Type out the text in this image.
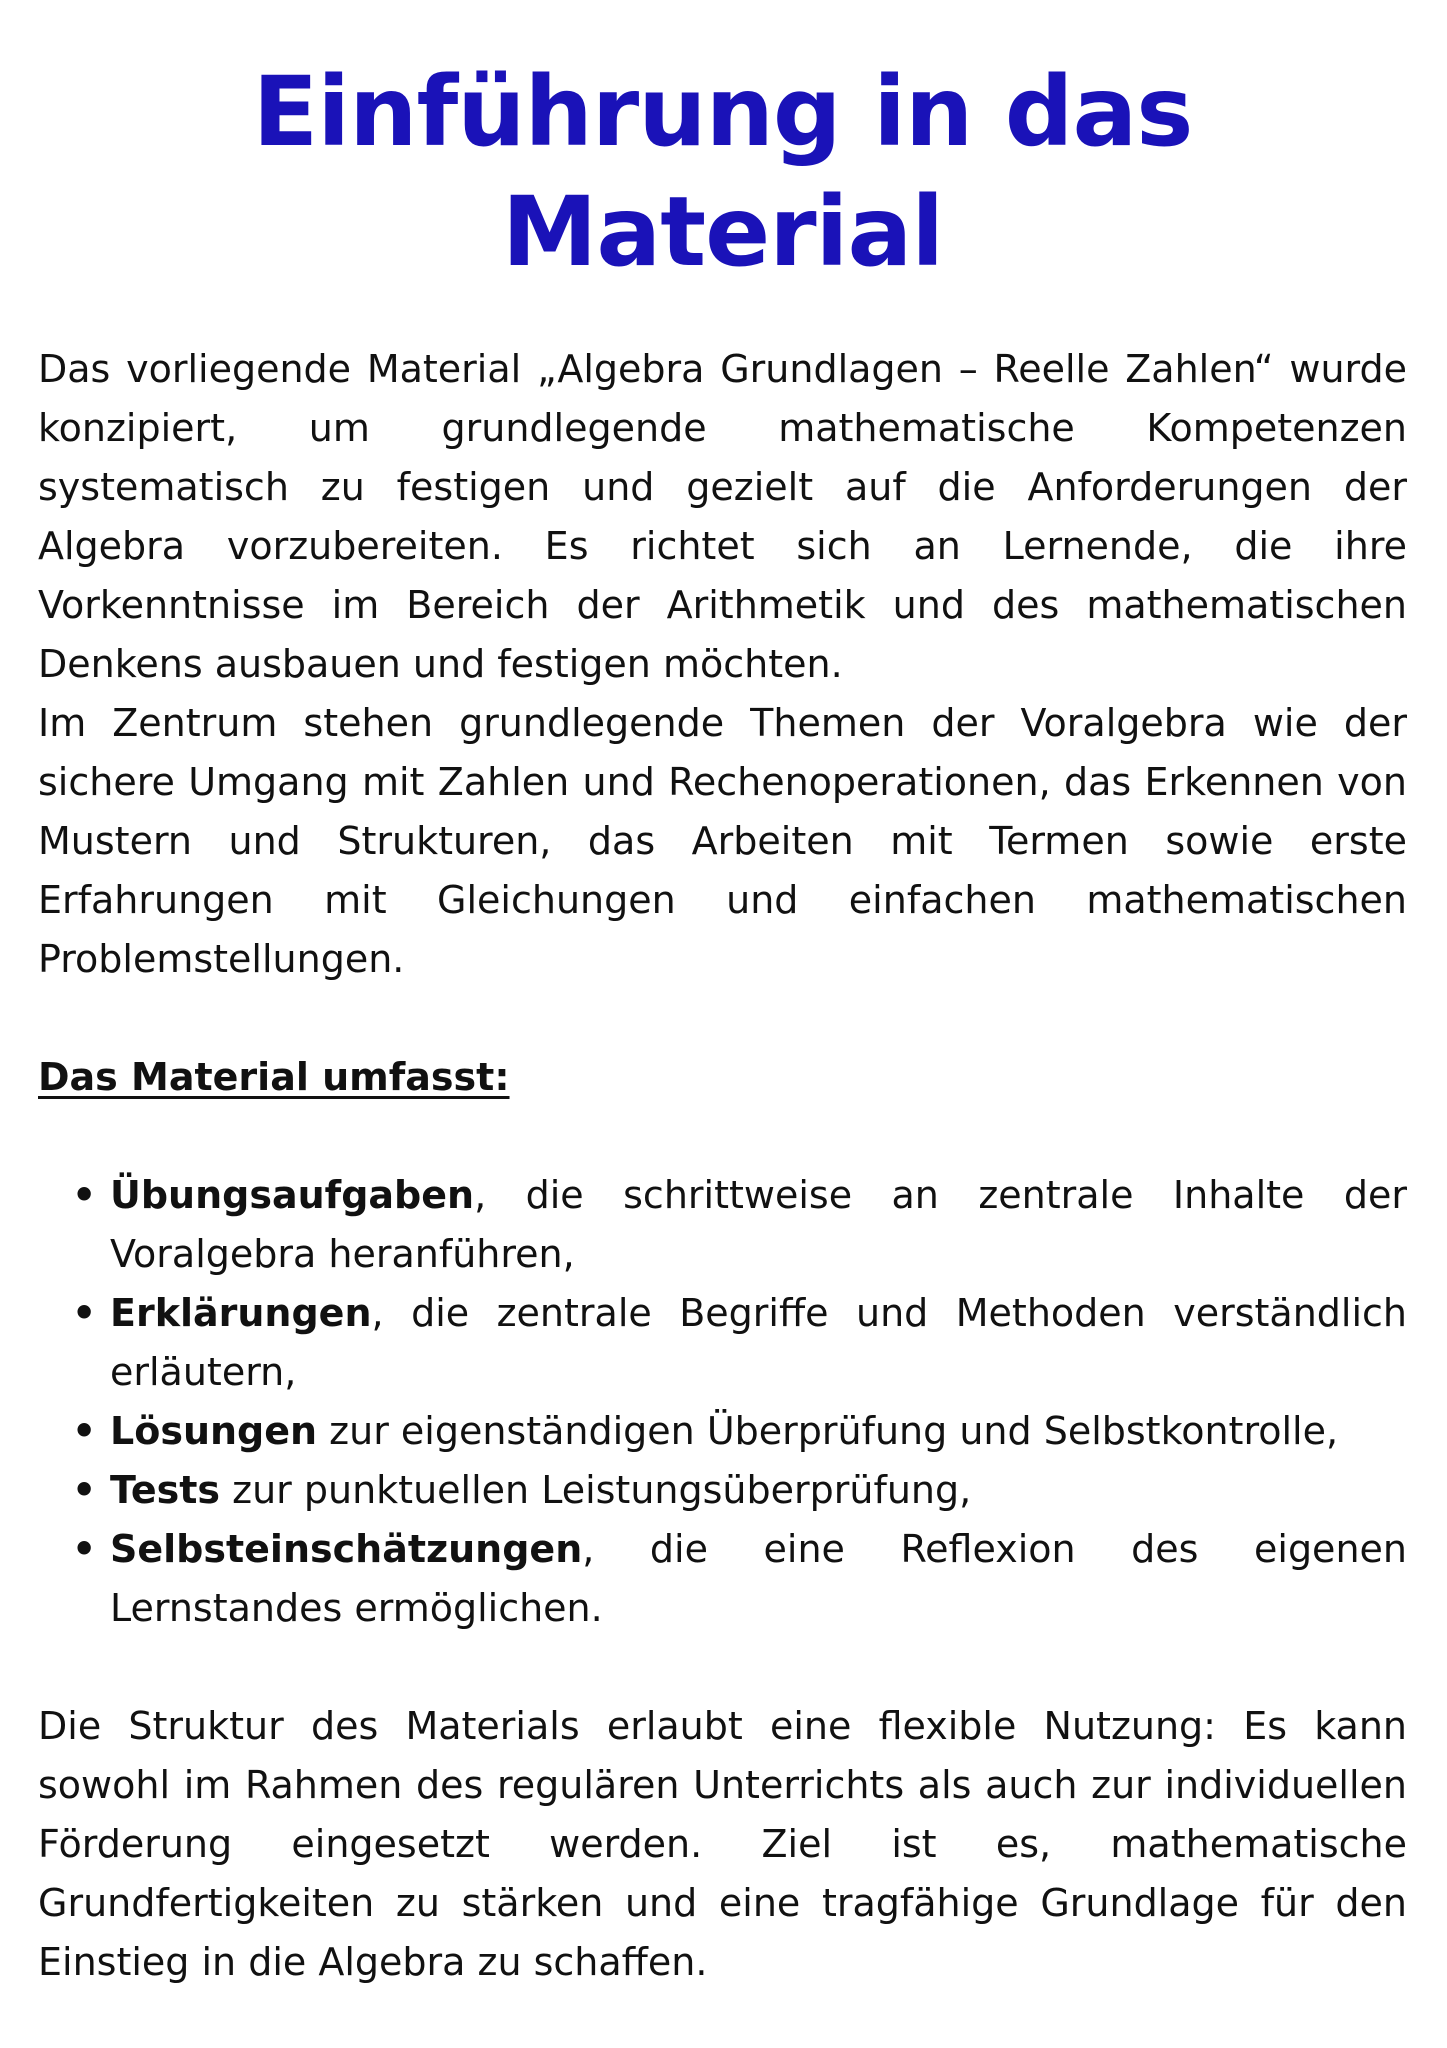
Einführung in das Material

Das vorliegende Material „Algebra Grundlagen – Reelle Zahlen“ wurde konzipiert, um grundlegende mathematische Kompetenzen systematisch zu festigen und gezielt auf die Anforderungen der Algebra vorzubereiten. Es richtet sich an Lernende, die ihre Vorkenntnisse im Bereich der Arithmetik und des mathematischen Denkens ausbauen und festigen möchten.

Im Zentrum stehen grundlegende Themen der Voralgebra wie der sichere Umgang mit Zahlen und Rechenoperationen, das Erkennen von Mustern und Strukturen, das Arbeiten mit Termen sowie erste Erfahrungen mit Gleichungen und einfachen mathematischen Problemstellungen.

Das Material umfasst:
• Übungsaufgaben, die schrittweise an zentrale Inhalte der Voralgebra heranführen,
• Erklärungen, die zentrale Begriffe und Methoden verständlich erläutern,
• Lösungen zur eigenständigen Überprüfung und Selbstkontrolle,
• Tests zur punktuellen Leistungsüberprüfung,
• Selbsteinschätzungen, die eine Reflexion des eigenen Lernstandes ermöglichen.

Die Struktur des Materials erlaubt eine flexible Nutzung: Es kann sowohl im Rahmen des regulären Unterrichts als auch zur individuellen Förderung eingesetzt werden. Ziel ist es, mathematische Grundfertigkeiten zu stärken und eine tragfähige Grundlage für den Einstieg in die Algebra zu schaffen.
